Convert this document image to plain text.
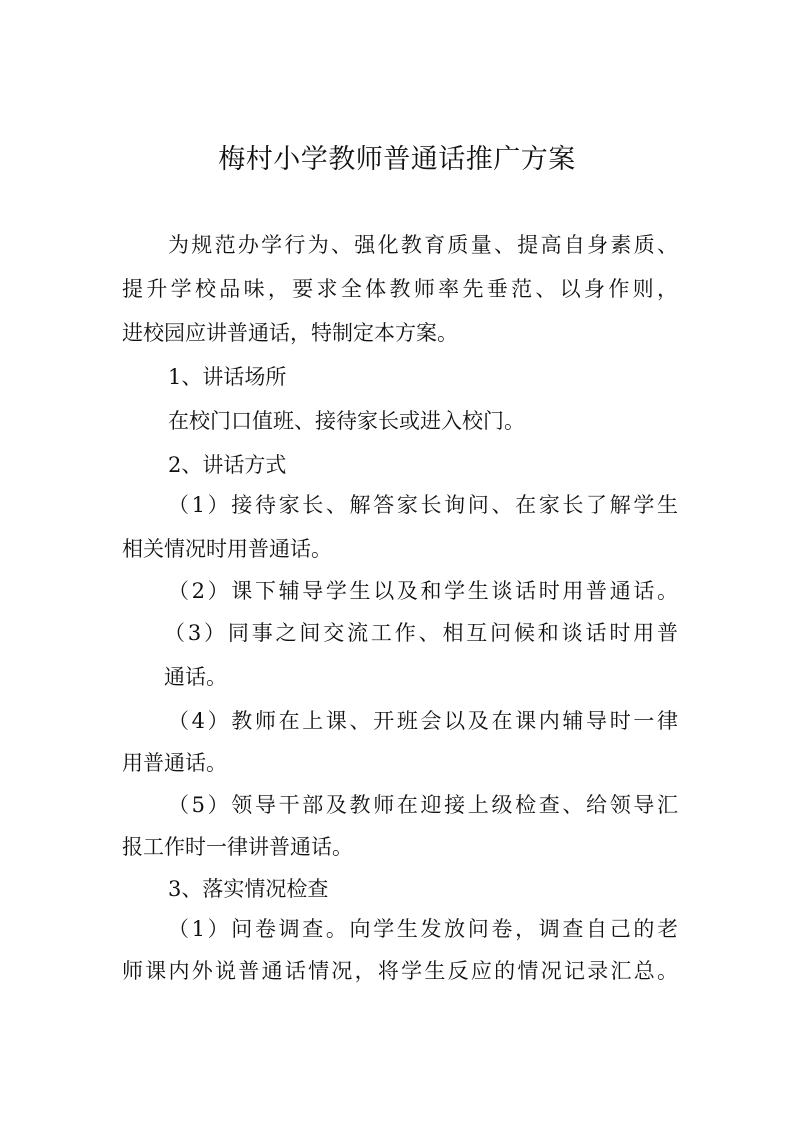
梅村小学教师普通话推广方案
为规范办学行为、强化教育质量、提高自身素质、
提升学校品味，要求全体教师率先垂范、以身作则，
进校园应讲普通话，特制定本方案。
1、讲话场所
在校门口值班、接待家长或进入校门。
2、讲话方式
（1）接待家长、解答家长询问、在家长了解学生
相关情况时用普通话。
（2）课下辅导学生以及和学生谈话时用普通话。
（3）同事之间交流工作、相互问候和谈话时用普
通话。
（4）教师在上课、开班会以及在课内辅导时一律
用普通话。
（5）领导干部及教师在迎接上级检查、给领导汇
报工作时一律讲普通话。
3、落实情况检查
（1）问卷调查。向学生发放问卷，调查自己的老
师课内外说普通话情况，将学生反应的情况记录汇总。
